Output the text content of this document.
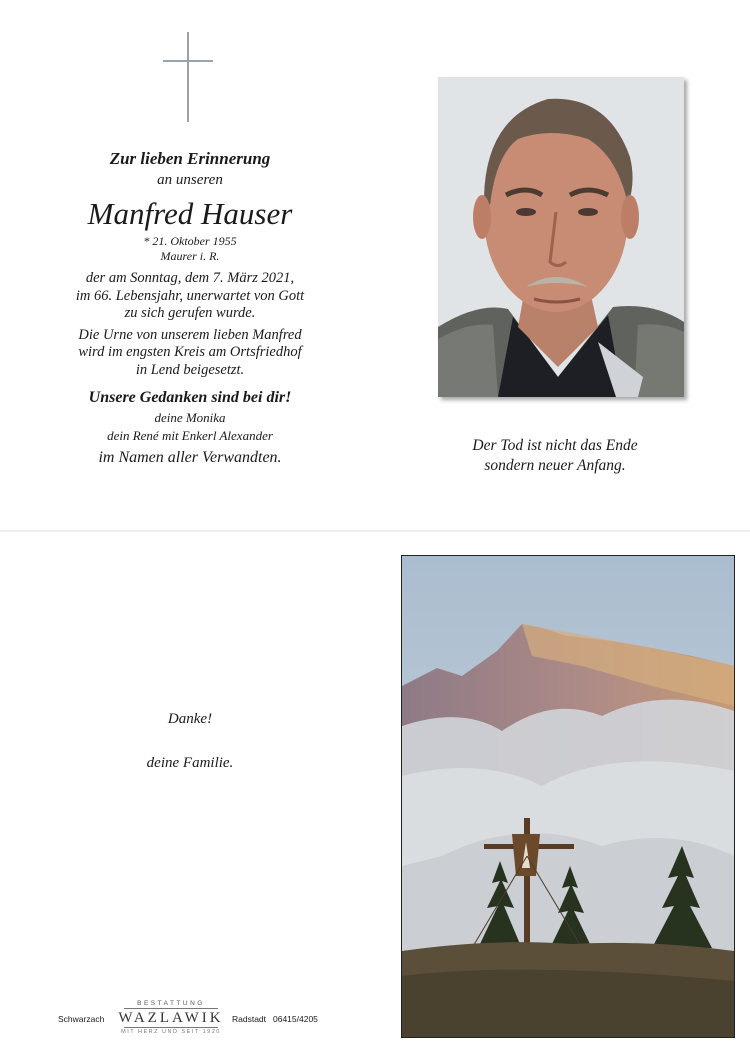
Zur lieben Erinnerung
an unseren
Manfred Hauser
* 21. Oktober 1955
Maurer i. R.
der am Sonntag, dem 7. März 2021,
im 66. Lebensjahr, unerwartet von Gott
zu sich gerufen wurde.
Die Urne von unserem lieben Manfred
wird im engsten Kreis am Ortsfriedhof
in Lend beigesetzt.
Unsere Gedanken sind bei dir!
deine Monika
dein René mit Enkerl Alexander
im Namen aller Verwandten.
Der Tod ist nicht das Ende
sondern neuer Anfang.
Danke!
deine Familie.
Schwarzach
BESTATTUNG
WAZLAWIK
MIT HERZ UND SEIT 1920
Radstadt 06415/4205
